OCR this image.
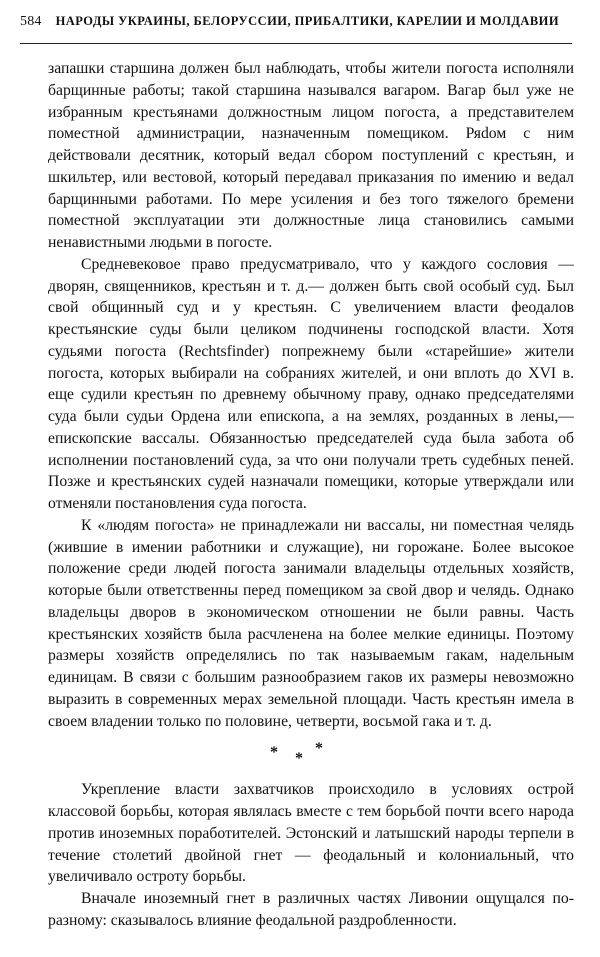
584 НАРОДЫ УКРАИНЫ, БЕЛОРУССИИ, ПРИБАЛТИКИ, КАРЕЛИИ И МОЛДАВИИ

запашки старшина должен был наблюдать, чтобы жители погоста исполняли барщинные работы; такой старшина назывался вагаром. Вагар был уже не избранным крестьянами должностным лицом погоста, а представителем поместной администрации, назначенным помещиком. Ряdом с ним действовали десятник, который ведал сбором поступлений с крестьян, и шкильтер, или вестовой, который передавал приказания по имению и ведал барщинными работами. По мере усиления и без того тяжелого бремени поместной эксплуатации эти должностные лица становились самыми ненавистными людьми в погосте.

Средневековое право предусматривало, что у каждого сословия — дворян, священников, крестьян и т. д.— должен быть свой особый суд. Был свой общинный суд и у крестьян. С увеличением власти феодалов крестьянские суды были целиком подчинены господской власти. Хотя судьями погоста (Rechtsfinder) попрежнему были «старейшие» жители погоста, которых выбирали на собраниях жителей, и они вплоть до XVI в. еще судили крестьян по древнему обычному праву, однако председателями суда были судьи Ордена или епископа, а на землях, розданных в лены,— епископские вассалы. Обязанностью председателей суда была забота об исполнении постановлений суда, за что они получали треть судебных пеней. Позже и крестьянских судей назначали помещики, которые утверждали или отменяли постановления суда погоста.

К «людям погоста» не принадлежали ни вассалы, ни поместная челядь (жившие в имении работники и служащие), ни горожане. Более высокое положение среди людей погоста занимали владельцы отдельных хозяйств, которые были ответственны перед помещиком за свой двор и челядь. Однако владельцы дворов в экономическом отношении не были равны. Часть крестьянских хозяйств была расчленена на более мелкие единицы. Поэтому размеры хозяйств определялись по так называемым гакам, надельным единицам. В связи с большим разнообразием гаков их размеры невозможно выразить в современных мерах земельной площади. Часть крестьян имела в своем владении только по половине, четверти, восьмой гака и т. д.

* *
*

Укрепление власти захватчиков происходило в условиях острой классовой борьбы, которая являлась вместе с тем борьбой почти всего народа против иноземных поработителей. Эстонский и латышский народы терпели в течение столетий двойной гнет — феодальный и колониальный, что увеличивало остроту борьбы.

Вначале иноземный гнет в различных частях Ливонии ощущался по-разному: сказывалось влияние феодальной раздробленности.
